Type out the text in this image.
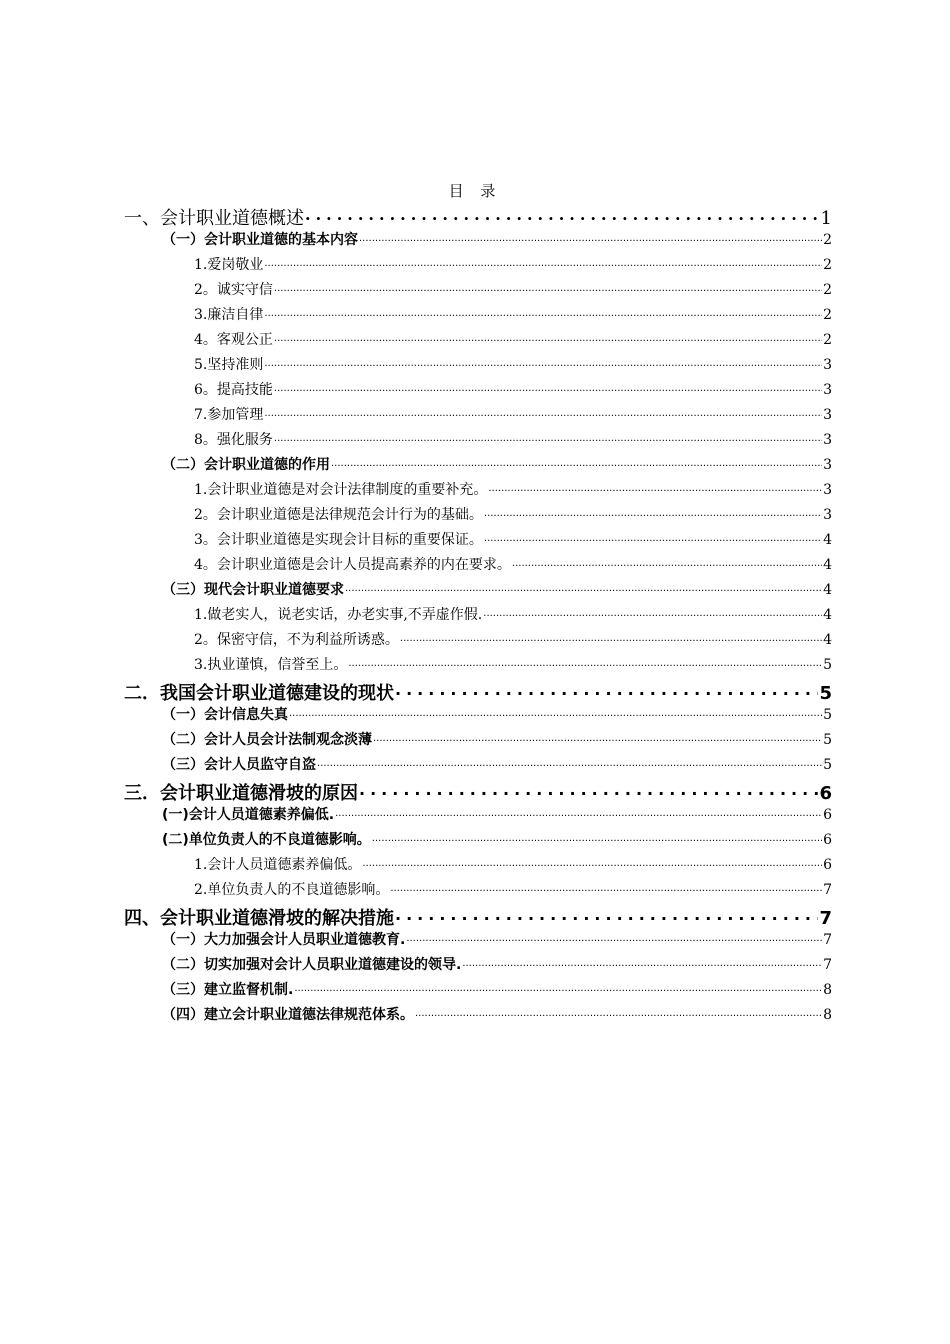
目 录
一、会计职业道德概述 .....	1
（一）会计职业道德的基本内容 .....	2
1.爱岗敬业 .....	2
2。诚实守信 .....	2
3.廉洁自律 .....	2
4。客观公正 .....	2
5.坚持准则 .....	3
6。提高技能 .....	3
7.参加管理 .....	3
8。强化服务 .....	3
（二）会计职业道德的作用 .....	3
1.会计职业道德是对会计法律制度的重要补充。 .....	3
2。会计职业道德是法律规范会计行为的基础。 .....	3
3。会计职业道德是实现会计目标的重要保证。 .....	4
4。会计职业道德是会计人员提高素养的内在要求。 .....	4
（三）现代会计职业道德要求 .....	4
1.做老实人，说老实话，办老实事,不弄虚作假. .....	4
2。保密守信，不为利益所诱惑。 .....	4
3.执业谨慎，信誉至上。 .....	5
二．我国会计职业道德建设的现状 .....	5
（一）会计信息失真 .....	5
（二）会计人员会计法制观念淡薄 .....	5
（三）会计人员监守自盗 .....	5
三．会计职业道德滑坡的原因 .....	6
(一)会计人员道德素养偏低. .....	6
(二)单位负责人的不良道德影响。 .....	6
1.会计人员道德素养偏低。 .....	6
2.单位负责人的不良道德影响。 .....	7
四、会计职业道德滑坡的解决措施 .....	7
（一）大力加强会计人员职业道德教育. .....	7
（二）切实加强对会计人员职业道德建设的领导. .....	7
（三）建立监督机制. .....	8
（四）建立会计职业道德法律规范体系。 .....	8
